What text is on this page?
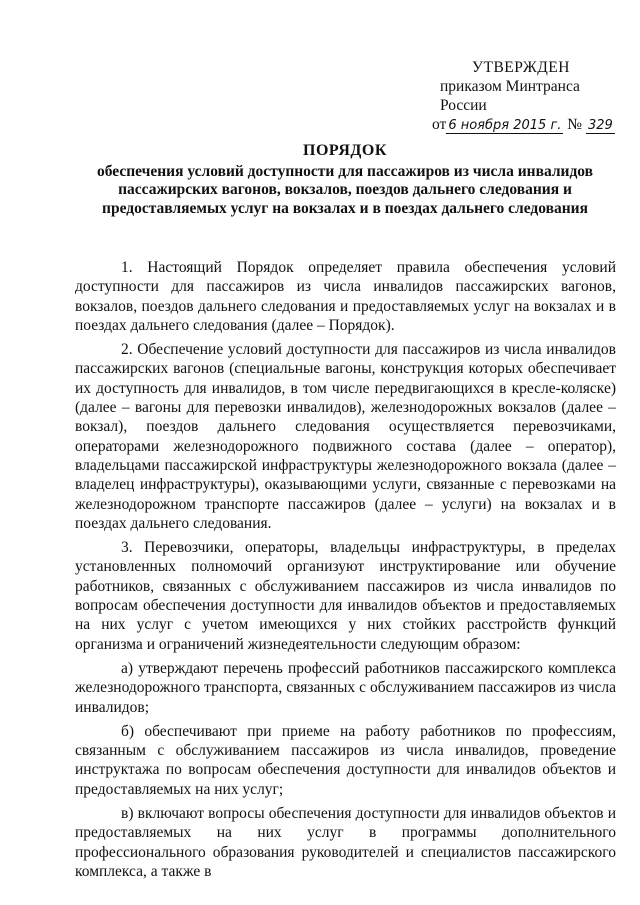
УТВЕРЖДЕН
приказом Минтранса России
от 6 ноября 2015 г. № 329
ПОРЯДОК
обеспечения условий доступности для пассажиров из числа инвалидов пассажирских вагонов, вокзалов, поездов дальнего следования и предоставляемых услуг на вокзалах и в поездах дальнего следования

1. Настоящий Порядок определяет правила обеспечения условий доступности для пассажиров из числа инвалидов пассажирских вагонов, вокзалов, поездов дальнего следования и предоставляемых услуг на вокзалах и в поездах дальнего следования (далее – Порядок).

2. Обеспечение условий доступности для пассажиров из числа инвалидов пассажирских вагонов (специальные вагоны, конструкция которых обеспечивает их доступность для инвалидов, в том числе передвигающихся в кресле-коляске) (далее – вагоны для перевозки инвалидов), железнодорожных вокзалов (далее – вокзал), поездов дальнего следования осуществляется перевозчиками, операторами железнодорожного подвижного состава (далее – оператор), владельцами пассажирской инфраструктуры железнодорожного вокзала (далее – владелец инфраструктуры), оказывающими услуги, связанные с перевозками на железнодорожном транспорте пассажиров (далее – услуги) на вокзалах и в поездах дальнего следования.

3. Перевозчики, операторы, владельцы инфраструктуры, в пределах установленных полномочий организуют инструктирование или обучение работников, связанных с обслуживанием пассажиров из числа инвалидов по вопросам обеспечения доступности для инвалидов объектов и предоставляемых на них услуг с учетом имеющихся у них стойких расстройств функций организма и ограничений жизнедеятельности следующим образом:

а) утверждают перечень профессий работников пассажирского комплекса железнодорожного транспорта, связанных с обслуживанием пассажиров из числа инвалидов;

б) обеспечивают при приеме на работу работников по профессиям, связанным с обслуживанием пассажиров из числа инвалидов, проведение инструктажа по вопросам обеспечения доступности для инвалидов объектов и предоставляемых на них услуг;

в) включают вопросы обеспечения доступности для инвалидов объектов и предоставляемых на них услуг в программы дополнительного профессионального образования руководителей и специалистов пассажирского комплекса, а также в
